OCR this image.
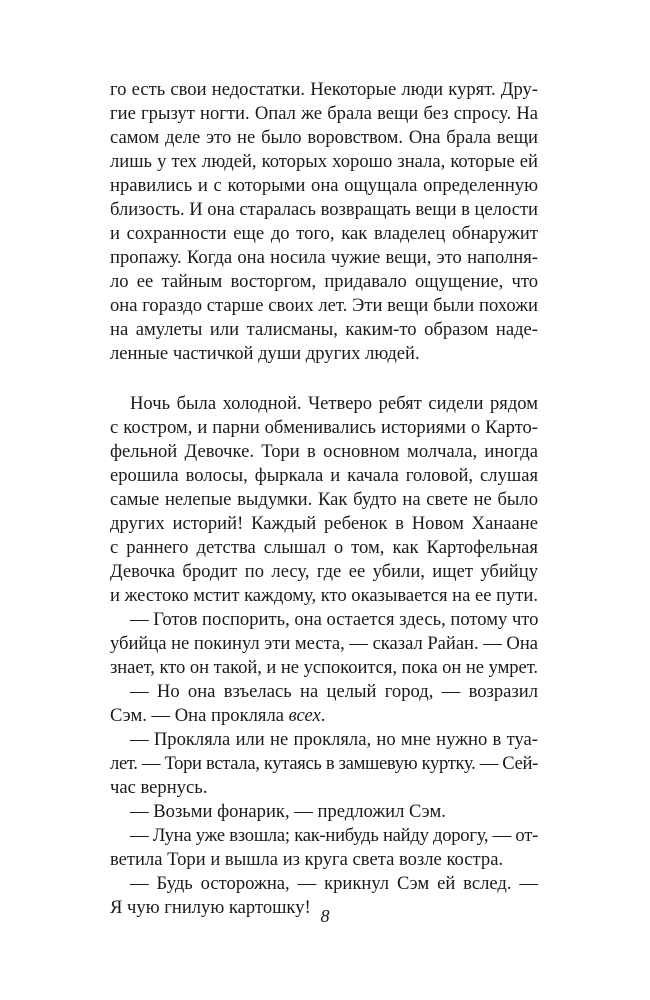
го есть свои недостатки. Некоторые люди курят. Дру-
гие грызут ногти. Опал же брала вещи без спросу. На
самом деле это не было воровством. Она брала вещи
лишь у тех людей, которых хорошо знала, которые ей
нравились и с которыми она ощущала определенную
близость. И она старалась возвращать вещи в целости
и сохранности еще до того, как владелец обнаружит
пропажу. Когда она носила чужие вещи, это наполня-
ло ее тайным восторгом, придавало ощущение, что
она гораздо старше своих лет. Эти вещи были похожи
на амулеты или талисманы, каким-то образом наде-
ленные частичкой души других людей.
Ночь была холодной. Четверо ребят сидели рядом
с костром, и парни обменивались историями о Карто-
фельной Девочке. Тори в основном молчала, иногда
ерошила волосы, фыркала и качала головой, слушая
самые нелепые выдумки. Как будто на свете не было
других историй! Каждый ребенок в Новом Ханаане
с раннего детства слышал о том, как Картофельная
Девочка бродит по лесу, где ее убили, ищет убийцу
и жестоко мстит каждому, кто оказывается на ее пути.
— Готов поспорить, она остается здесь, потому что
убийца не покинул эти места, — сказал Райан. — Она
знает, кто он такой, и не успокоится, пока он не умрет.
— Но она взъелась на целый город, — возразил
Сэм. — Она прокляла всех.
— Прокляла или не прокляла, но мне нужно в туа-
лет. — Тори встала, кутаясь в замшевую куртку. — Сей-
час вернусь.
— Возьми фонарик, — предложил Сэм.
— Луна уже взошла; как-нибудь найду дорогу, — от-
ветила Тори и вышла из круга света возле костра.
— Будь осторожна, — крикнул Сэм ей вслед. —
Я чую гнилую картошку! 8
